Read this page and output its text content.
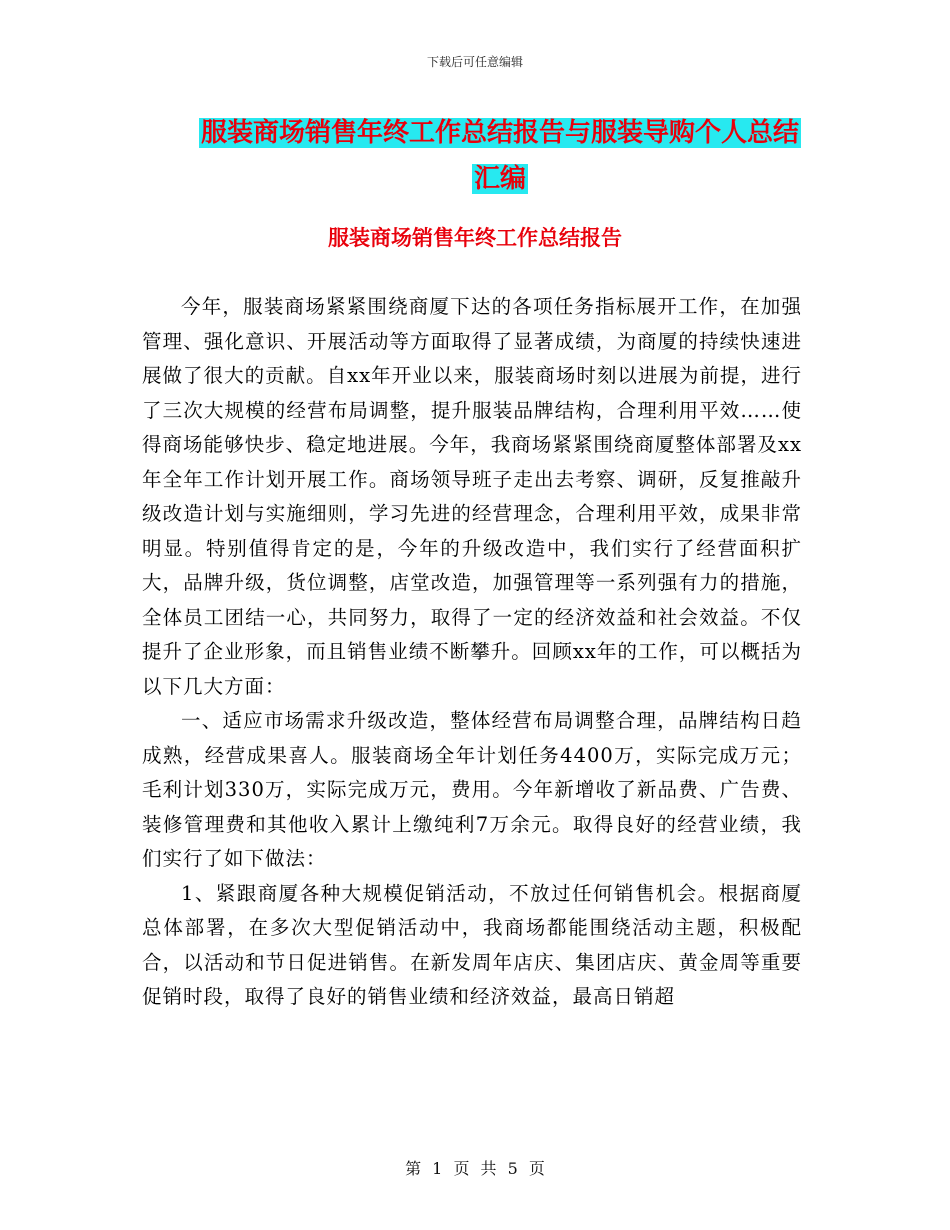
下载后可任意编辑
服装商场销售年终工作总结报告与服装导购个人总结
汇编
服装商场销售年终工作总结报告

今年，服装商场紧紧围绕商厦下达的各项任务指标展开工作，在加强管理、强化意识、开展活动等方面取得了显著成绩，为商厦的持续快速进展做了很大的贡献。自xx年开业以来，服装商场时刻以进展为前提，进行了三次大规模的经营布局调整，提升服装品牌结构，合理利用平效……使得商场能够快步、稳定地进展。今年，我商场紧紧围绕商厦整体部署及xx年全年工作计划开展工作。商场领导班子走出去考察、调研，反复推敲升级改造计划与实施细则，学习先进的经营理念，合理利用平效，成果非常明显。特别值得肯定的是，今年的升级改造中，我们实行了经营面积扩大，品牌升级，货位调整，店堂改造，加强管理等一系列强有力的措施，全体员工团结一心，共同努力，取得了一定的经济效益和社会效益。不仅提升了企业形象，而且销售业绩不断攀升。回顾xx年的工作，可以概括为以下几大方面：

一、适应市场需求升级改造，整体经营布局调整合理，品牌结构日趋成熟，经营成果喜人。服装商场全年计划任务4400万，实际完成万元；毛利计划330万，实际完成万元，费用。今年新增收了新品费、广告费、装修管理费和其他收入累计上缴纯利7万余元。取得良好的经营业绩，我们实行了如下做法：

1、紧跟商厦各种大规模促销活动，不放过任何销售机会。根据商厦总体部署，在多次大型促销活动中，我商场都能围绕活动主题，积极配合，以活动和节日促进销售。在新发周年店庆、集团店庆、黄金周等重要促销时段，取得了良好的销售业绩和经济效益，最高日销超

第 1 页 共 5 页
